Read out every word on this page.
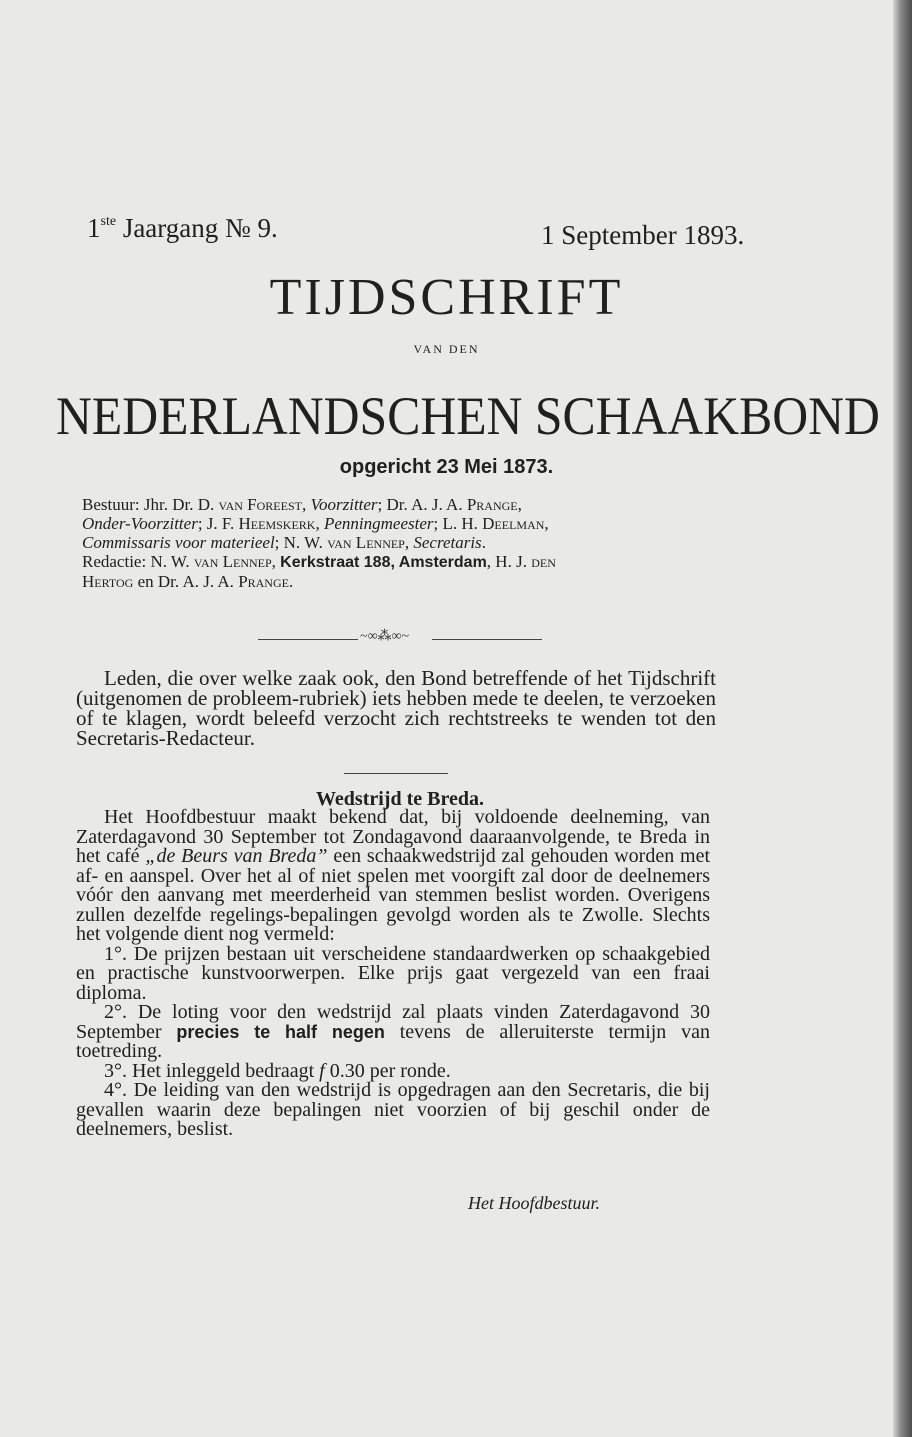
1ste Jaargang № 9.	1 September 1893.
TIJDSCHRIFT
VAN DEN
NEDERLANDSCHEN SCHAAKBOND
opgericht 23 Mei 1873.
Bestuur: Jhr. Dr. D. van Foreest, Voorzitter; Dr. A. J. A. Prange,
Onder-Voorzitter; J. F. Heemskerk, Penningmeester; L. H. Deelman,
Commissaris voor materieel; N. W. van Lennep, Secretaris.
Redactie: N. W. van Lennep, Kerkstraat 188, Amsterdam, H. J. den
Hertog en Dr. A. J. A. Prange.
~∞⁂∞~
Leden, die over welke zaak ook, den Bond betreffende of het Tijdschrift (uitgenomen de probleem-rubriek) iets hebben mede te deelen, te verzoeken of te klagen, wordt beleefd verzocht zich rechtstreeks te wenden tot den Secretaris-Redacteur.
Wedstrijd te Breda.

Het Hoofdbestuur maakt bekend dat, bij voldoende deelneming, van Zaterdagavond 30 September tot Zondagavond daaraanvolgende, te Breda in het café „de Beurs van Breda” een schaakwedstrijd zal gehouden worden met af- en aanspel. Over het al of niet spelen met voorgift zal door de deelnemers vóór den aanvang met meerderheid van stemmen beslist worden. Overigens zullen dezelfde regelings-bepalingen gevolgd worden als te Zwolle. Slechts het volgende dient nog vermeld:

1°. De prijzen bestaan uit verscheidene standaardwerken op schaakgebied en practische kunstvoorwerpen. Elke prijs gaat vergezeld van een fraai diploma.

2°. De loting voor den wedstrijd zal plaats vinden Zaterdagavond 30 September precies te half negen tevens de alleruiterste termijn van toetreding.

3°. Het inleggeld bedraagt f 0.30 per ronde.

4°. De leiding van den wedstrijd is opgedragen aan den Secretaris, die bij gevallen waarin deze bepalingen niet voorzien of bij geschil onder de deelnemers, beslist.

Het Hoofdbestuur.
